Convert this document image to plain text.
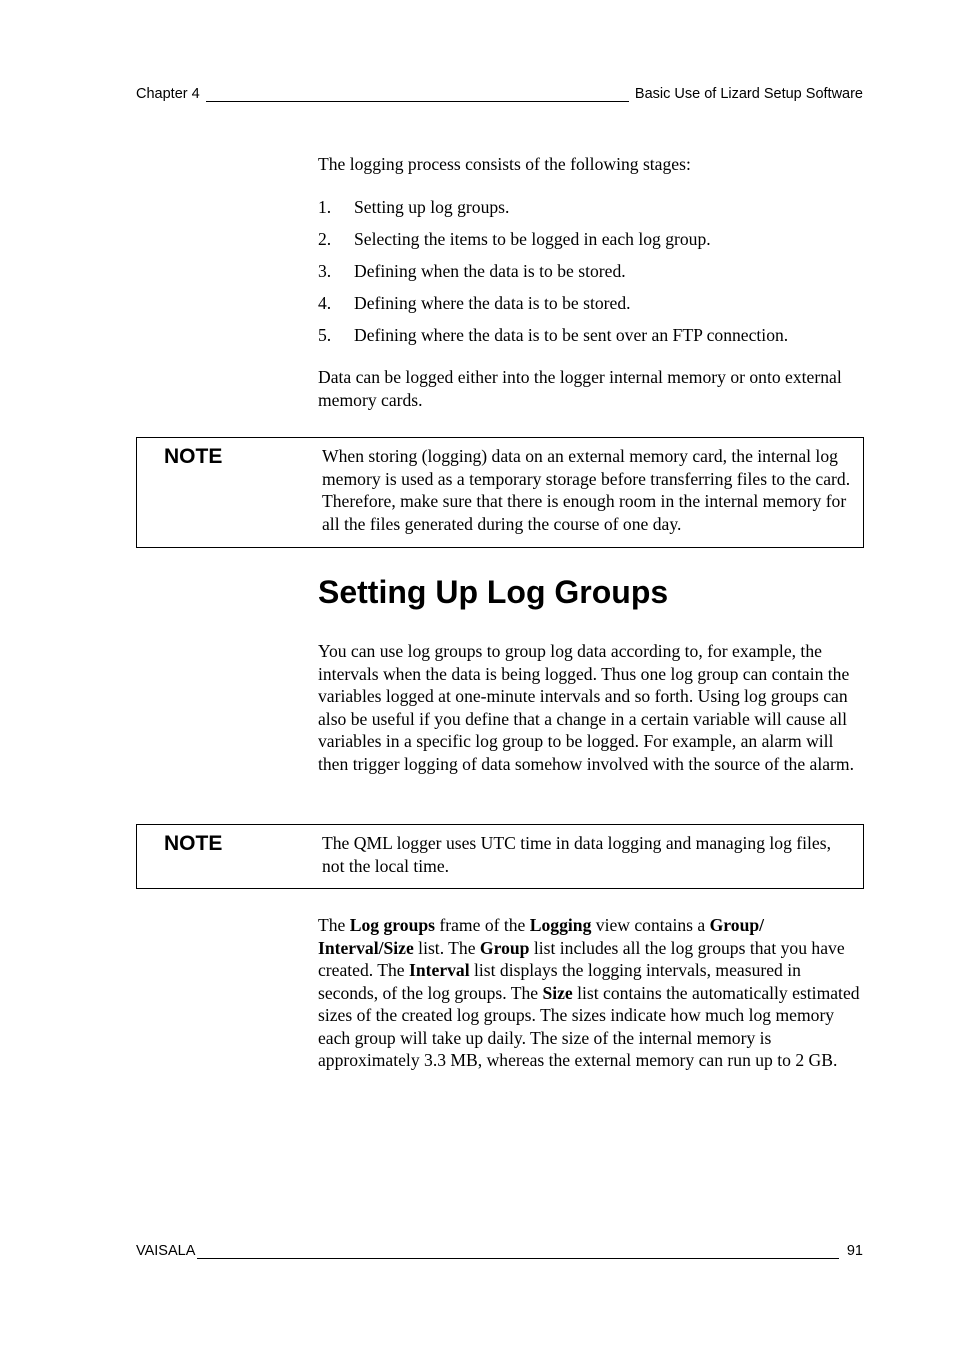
Chapter 4	Basic Use of Lizard Setup Software
The logging process consists of the following stages:
1.	Setting up log groups.
2.	Selecting the items to be logged in each log group.
3.	Defining when the data is to be stored.
4.	Defining where the data is to be stored.
5.	Defining where the data is to be sent over an FTP connection.
Data can be logged either into the logger internal memory or onto external memory cards.
NOTE	When storing (logging) data on an external memory card, the internal log memory is used as a temporary storage before transferring files to the card. Therefore, make sure that there is enough room in the internal memory for all the files generated during the course of one day.
Setting Up Log Groups
You can use log groups to group log data according to, for example, the intervals when the data is being logged. Thus one log group can contain the variables logged at one-minute intervals and so forth. Using log groups can also be useful if you define that a change in a certain variable will cause all variables in a specific log group to be logged. For example, an alarm will then trigger logging of data somehow involved with the source of the alarm.
NOTE	The QML logger uses UTC time in data logging and managing log files, not the local time.
The Log groups frame of the Logging view contains a Group/ Interval/Size list. The Group list includes all the log groups that you have created. The Interval list displays the logging intervals, measured in seconds, of the log groups. The Size list contains the automatically estimated sizes of the created log groups. The sizes indicate how much log memory each group will take up daily. The size of the internal memory is approximately 3.3 MB, whereas the external memory can run up to 2 GB.
VAISALA	91
